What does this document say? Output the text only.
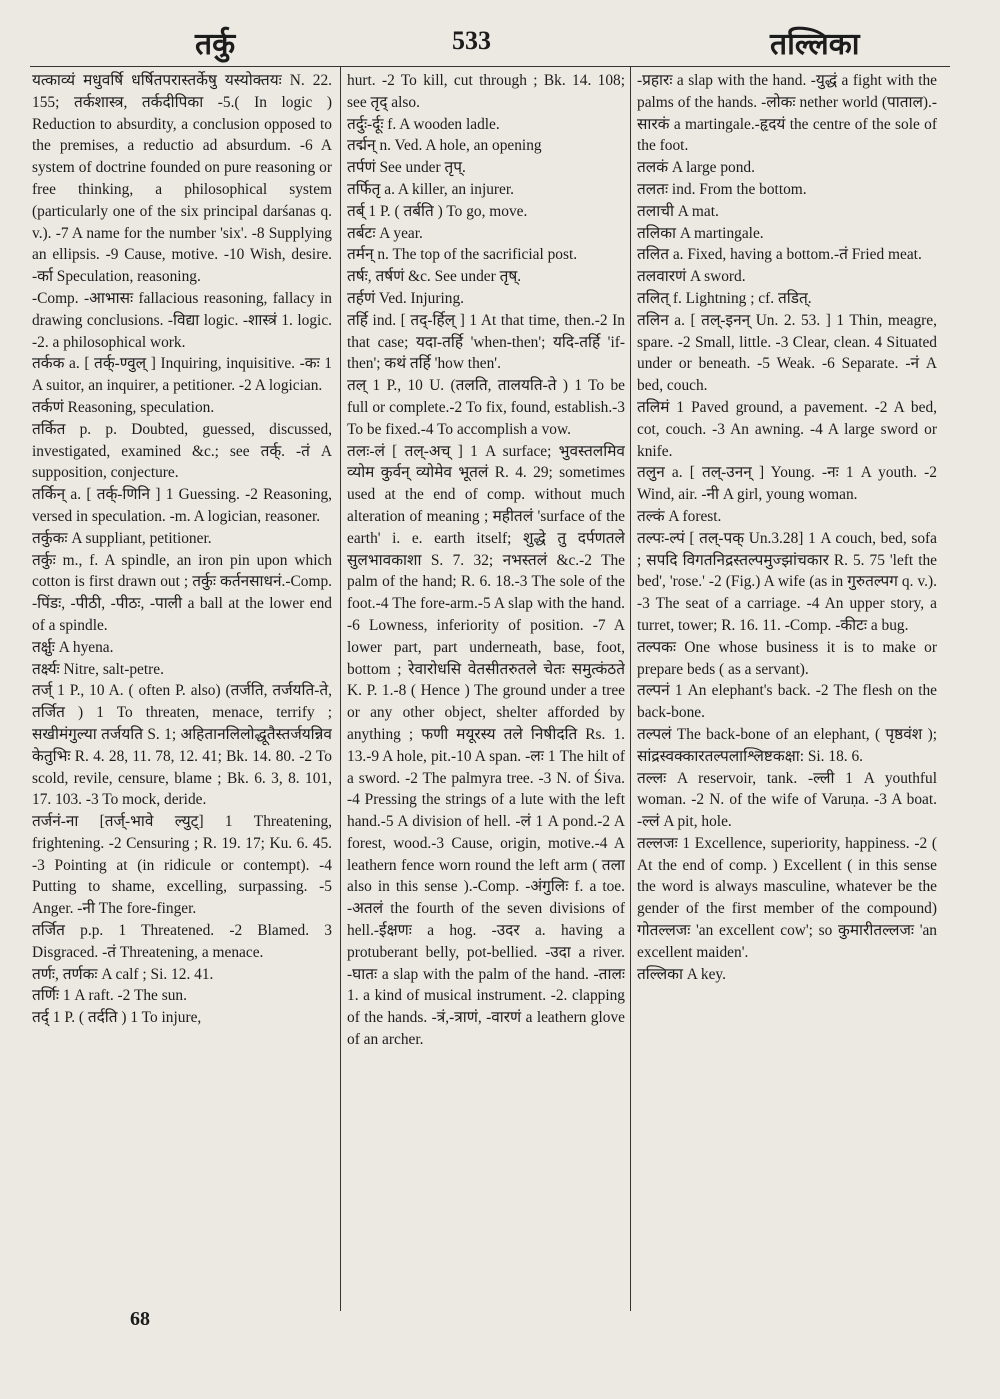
तर्कु	533	तल्लिका

यत्काव्यं मधुवर्षि धर्षितपरास्तर्केषु यस्योक्तयः N. 22. 155; तर्कशास्त्र, तर्कदीपिका -5.( In logic ) Reduction to absurdity, a conclusion opposed to the premises, a reductio ad absurdum. -6 A system of doctrine founded on pure reasoning or free thinking, a philosophical system (particularly one of the six principal darśanas q. v.). -7 A name for the number 'six'. -8 Supplying an ellipsis. -9 Cause, motive. -10 Wish, desire. -र्का Speculation, reasoning.

-Comp. -आभासः fallacious reasoning, fallacy in drawing conclusions. -विद्या logic. -शास्त्रं 1. logic. -2. a philosophical work.

तर्कक a. [ तर्क्-ण्वुल् ] Inquiring, inquisitive. -कः 1 A suitor, an inquirer, a petitioner. -2 A logician.

तर्कणं Reasoning, speculation.

तर्कित p. p. Doubted, guessed, discussed, investigated, examined &c.; see तर्क्. -तं A supposition, conjecture.

तर्किन् a. [ तर्क्-णिनि ] 1 Guessing. -2 Reasoning, versed in speculation. -m. A logician, reasoner.

तर्कुकः A suppliant, petitioner.

तर्कुः m., f. A spindle, an iron pin upon which cotton is first drawn out ; तर्कुः कर्तनसाधनं.-Comp. -पिंडः, -पीठी, -पीठः, -पाली a ball at the lower end of a spindle.

तर्क्षुः A hyena.

तर्क्ष्यः Nitre, salt-petre.

तर्ज् 1 P., 10 A. ( often P. also) (तर्जति, तर्जयति-ते, तर्जित ) 1 To threaten, menace, terrify ; सखीमंगुल्या तर्जयति S. 1; अहितानलिलोद्धूतैस्तर्जयन्निव केतुभिः R. 4. 28, 11. 78, 12. 41; Bk. 14. 80. -2 To scold, revile, censure, blame ; Bk. 6. 3, 8. 101, 17. 103. -3 To mock, deride.

तर्जनं-ना [तर्ज्-भावे ल्युट्] 1 Threatening, frightening. -2 Censuring ; R. 19. 17; Ku. 6. 45. -3 Pointing at (in ridicule or contempt). -4 Putting to shame, excelling, surpassing. -5 Anger. -नी The fore-finger.

तर्जित p.p. 1 Threatened. -2 Blamed. 3 Disgraced. -तं Threatening, a menace.

तर्णः, तर्णकः A calf ; Si. 12. 41.

तर्णिः 1 A raft. -2 The sun.

तर्द् 1 P. ( तर्दति ) 1 To injure,

hurt. -2 To kill, cut through ; Bk. 14. 108; see तृद् also.

तर्दुः-र्दूः f. A wooden ladle.

तर्द्मन् n. Ved. A hole, an opening

तर्पणं See under तृप्.

तर्फितृ a. A killer, an injurer.

तर्ब् 1 P. ( तर्बति ) To go, move.

तर्बटः A year.

तर्मन् n. The top of the sacrificial post.

तर्षः, तर्षणं &c. See under तृष्.

तर्हणं Ved. Injuring.

तर्हि ind. [ तद्-र्हिल् ] 1 At that time, then.-2 In that case; यदा-तर्हि 'when-then'; यदि-तर्हि 'if-then'; कथं तर्हि 'how then'.

तल् 1 P., 10 U. (तलति, तालयति-ते ) 1 To be full or complete.-2 To fix, found, establish.-3 To be fixed.-4 To accomplish a vow.

तलः-लं [ तल्-अच् ] 1 A surface; भुवस्तलमिव व्योम कुर्वन् व्योमेव भूतलं R. 4. 29; sometimes used at the end of comp. without much alteration of meaning ; महीतलं 'surface of the earth' i. e. earth itself; शुद्धे तु दर्पणतले सुलभावकाशा S. 7. 32; नभस्तलं &c.-2 The palm of the hand; R. 6. 18.-3 The sole of the foot.-4 The fore-arm.-5 A slap with the hand. -6 Lowness, inferiority of position. -7 A lower part, part underneath, base, foot, bottom ; रेवारोधसि वेतसीतरुतले चेतः समुत्कंठते K. P. 1.-8 ( Hence ) The ground under a tree or any other object, shelter afforded by anything ; फणी मयूरस्य तले निषीदति Rs. 1. 13.-9 A hole, pit.-10 A span. -लः 1 The hilt of a sword. -2 The palmyra tree. -3 N. of Śiva. -4 Pressing the strings of a lute with the left hand.-5 A division of hell. -लं 1 A pond.-2 A forest, wood.-3 Cause, origin, motive.-4 A leathern fence worn round the left arm ( तला also in this sense ).-Comp. -अंगुलिः f. a toe. -अतलं the fourth of the seven divisions of hell.-ईक्षणः a hog. -उदर a. having a protuberant belly, pot-bellied. -उदा a river. -घातः a slap with the palm of the hand. -तालः 1. a kind of musical instrument. -2. clapping of the hands. -त्रं,-त्राणं, -वारणं a leathern glove of an archer.

-प्रहारः a slap with the hand. -युद्धं a fight with the palms of the hands. -लोकः nether world (पाताल).-सारकं a martingale.-हृदयं the centre of the sole of the foot.

तलकं A large pond.

तलतः ind. From the bottom.

तलाची A mat.

तलिका A martingale.

तलित a. Fixed, having a bottom.-तं Fried meat.

तलवारणं A sword.

तलित् f. Lightning ; cf. तडित्.

तलिन a. [ तल्-इनन् Un. 2. 53. ] 1 Thin, meagre, spare. -2 Small, little. -3 Clear, clean. 4 Situated under or beneath. -5 Weak. -6 Separate. -नं A bed, couch.

तलिमं 1 Paved ground, a pavement. -2 A bed, cot, couch. -3 An awning. -4 A large sword or knife.

तलुन a. [ तल्-उनन् ] Young. -नः 1 A youth. -2 Wind, air. -नी A girl, young woman.

तल्कं A forest.

तल्पः-ल्पं [ तल्-पक् Un.3.28] 1 A couch, bed, sofa ; सपदि विगतनिद्रस्तल्पमुज्झांचकार R. 5. 75 'left the bed', 'rose.' -2 (Fig.) A wife (as in गुरुतल्पग q. v.). -3 The seat of a carriage. -4 An upper story, a turret, tower; R. 16. 11. -Comp. -कीटः a bug.

तल्पकः One whose business it is to make or prepare beds ( as a servant).

तल्पनं 1 An elephant's back. -2 The flesh on the back-bone.

तल्पलं The back-bone of an elephant, ( पृष्ठवंश ); सांद्रस्वक्कारतल्पलाश्लिष्टकक्षा: Si. 18. 6.

तल्लः A reservoir, tank. -ल्ली 1 A youthful woman. -2 N. of the wife of Varuṇa. -3 A boat. -ल्लं A pit, hole.

तल्लजः 1 Excellence, superiority, happiness. -2 ( At the end of comp. ) Excellent ( in this sense the word is always masculine, whatever be the gender of the first member of the compound) गोतल्लजः 'an excellent cow'; so कुमारीतल्लजः 'an excellent maiden'.

तल्लिका A key.

68
